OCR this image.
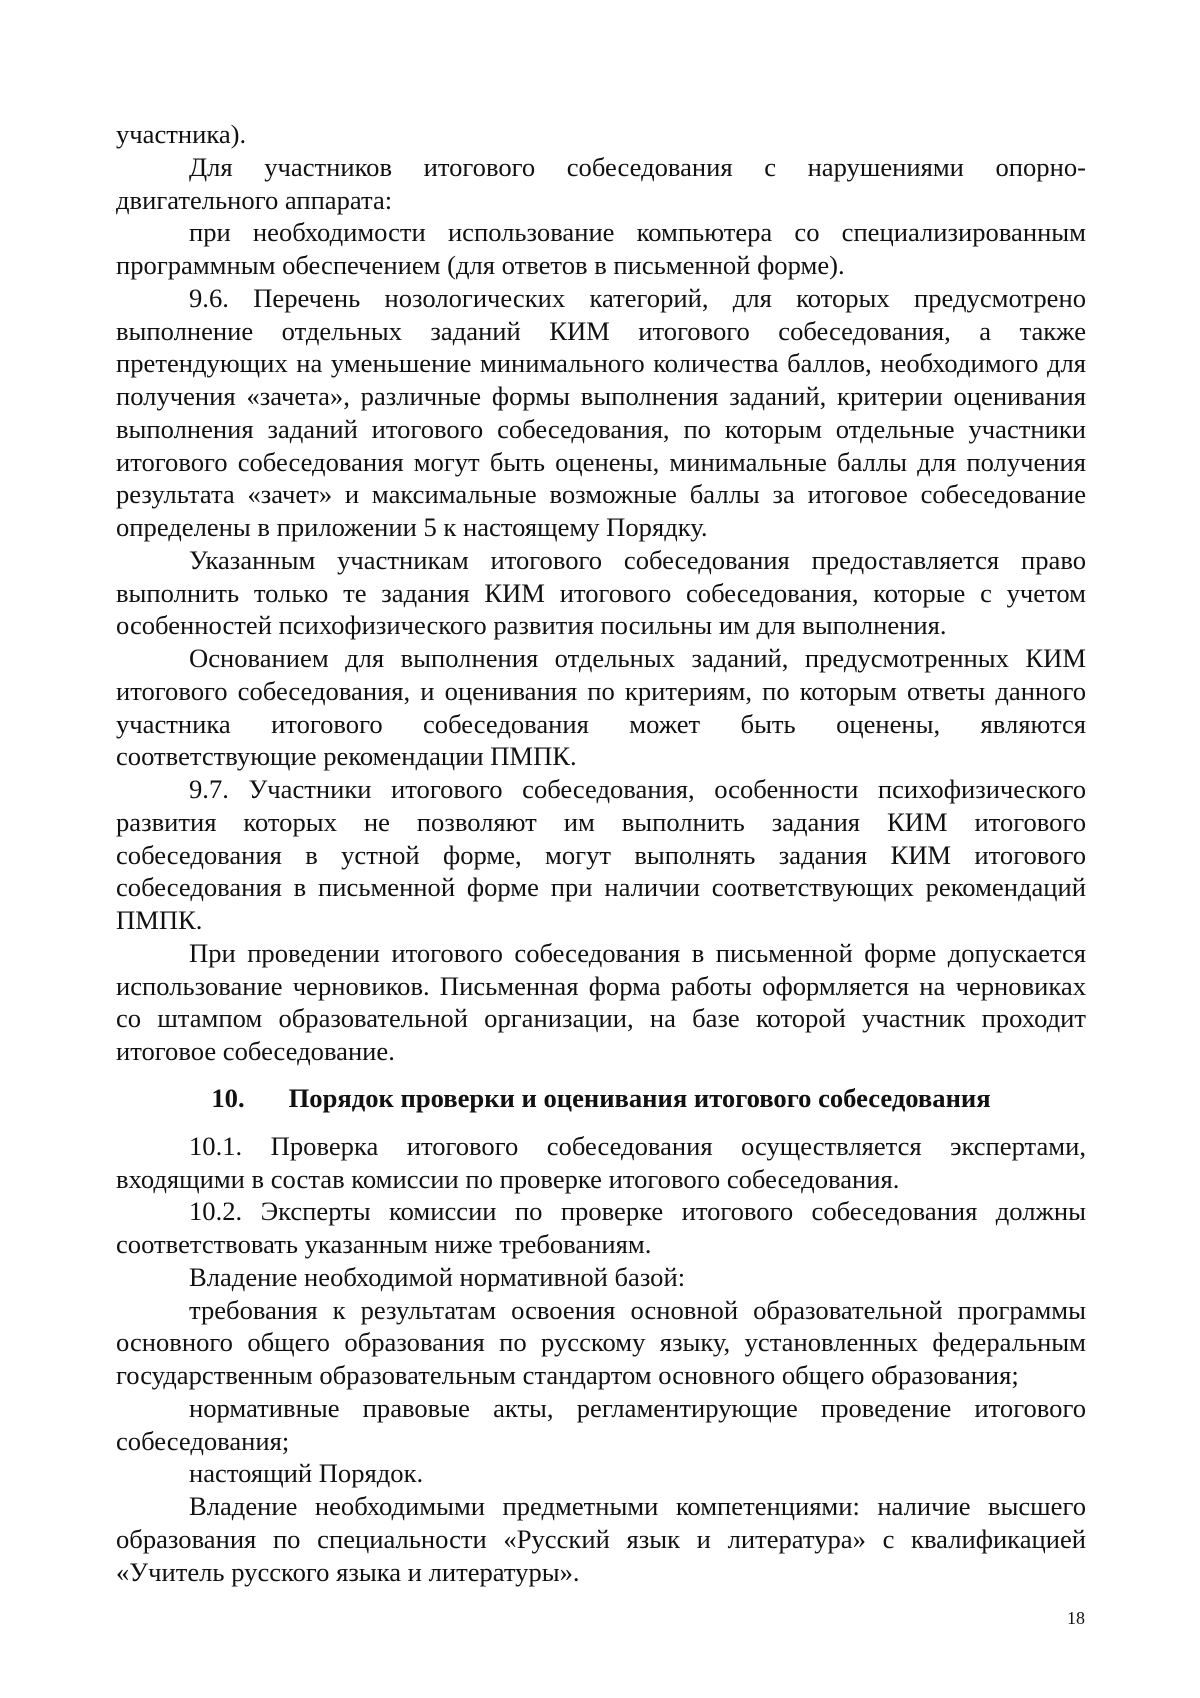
участника).

Для участников итогового собеседования с нарушениями опорно-двигательного аппарата:

при необходимости использование компьютера со специализированным программным обеспечением (для ответов в письменной форме).

9.6. Перечень нозологических категорий, для которых предусмотрено выполнение отдельных заданий КИМ итогового собеседования, а также претендующих на уменьшение минимального количества баллов, необходимого для получения «зачета», различные формы выполнения заданий, критерии оценивания выполнения заданий итогового собеседования, по которым отдельные участники итогового собеседования могут быть оценены, минимальные баллы для получения результата «зачет» и максимальные возможные баллы за итоговое собеседование определены в приложении 5 к настоящему Порядку.

Указанным участникам итогового собеседования предоставляется право выполнить только те задания КИМ итогового собеседования, которые с учетом особенностей психофизического развития посильны им для выполнения.

Основанием для выполнения отдельных заданий, предусмотренных КИМ итогового собеседования, и оценивания по критериям, по которым ответы данного участника итогового собеседования может быть оценены, являются соответствующие рекомендации ПМПК.

9.7. Участники итогового собеседования, особенности психофизического развития которых не позволяют им выполнить задания КИМ итогового собеседования в устной форме, могут выполнять задания КИМ итогового собеседования в письменной форме при наличии соответствующих рекомендаций ПМПК.

При проведении итогового собеседования в письменной форме допускается использование черновиков. Письменная форма работы оформляется на черновиках со штампом образовательной организации, на базе которой участник проходит итоговое собеседование.

10. Порядок проверки и оценивания итогового собеседования

10.1. Проверка итогового собеседования осуществляется экспертами, входящими в состав комиссии по проверке итогового собеседования.

10.2. Эксперты комиссии по проверке итогового собеседования должны соответствовать указанным ниже требованиям.

Владение необходимой нормативной базой:

требования к результатам освоения основной образовательной программы основного общего образования по русскому языку, установленных федеральным государственным образовательным стандартом основного общего образования;

нормативные правовые акты, регламентирующие проведение итогового собеседования;

настоящий Порядок.

Владение необходимыми предметными компетенциями: наличие высшего образования по специальности «Русский язык и литература» с квалификацией «Учитель русского языка и литературы».

18
